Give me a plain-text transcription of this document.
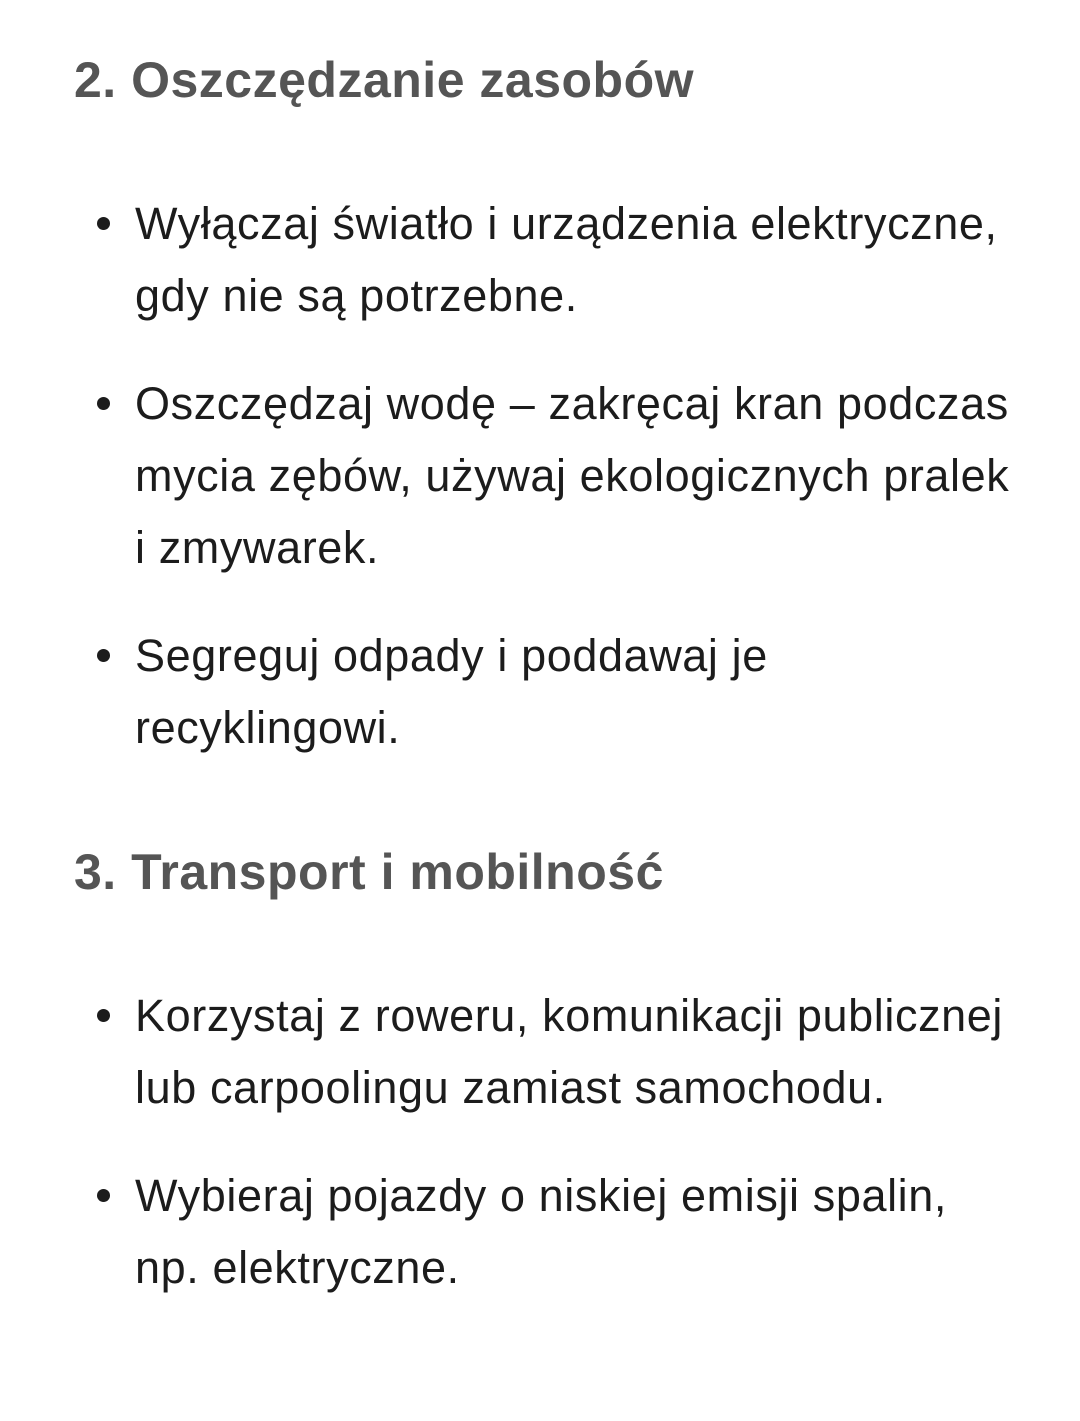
2. Oszczędzanie zasobów
Wyłączaj światło i urządzenia elektryczne, gdy nie są potrzebne.
Oszczędzaj wodę – zakręcaj kran podczas mycia zębów, używaj ekologicznych pralek i zmywarek.
Segreguj odpady i poddawaj je recyklingowi.
3. Transport i mobilność
Korzystaj z roweru, komunikacji publicznej lub carpoolingu zamiast samochodu.
Wybieraj pojazdy o niskiej emisji spalin, np. elektryczne.
